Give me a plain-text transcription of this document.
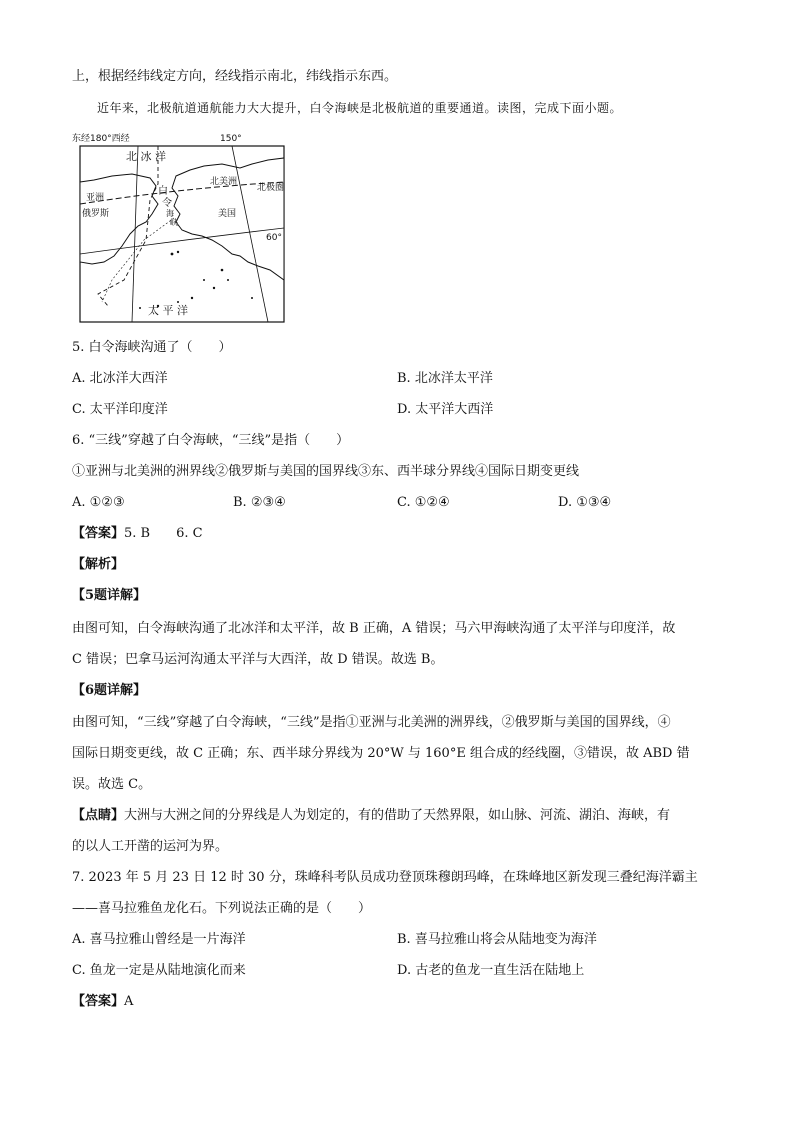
上，根据经纬线定方向，经线指示南北，纬线指示东西。
近年来，北极航道通航能力大大提升，白令海峡是北极航道的重要通道。读图，完成下面小题。
东经180°西经	150°
北 冰 洋
北美洲
北极圈
亚洲
俄罗斯	美国
白
令
海
峡
60°
太 平 洋
5. 白令海峡沟通了（　　）
A. 北冰洋大西洋	B. 北冰洋太平洋
C. 太平洋印度洋	D. 太平洋大西洋
6. “三线”穿越了白令海峡，“三线”是指（　　）
①亚洲与北美洲的洲界线②俄罗斯与美国的国界线③东、西半球分界线④国际日期变更线
A. ①②③	B. ②③④	C. ①②④	D. ①③④
【答案】5. B　　6. C
【解析】
【5题详解】
由图可知，白令海峡沟通了北冰洋和太平洋，故 B 正确，A 错误；马六甲海峡沟通了太平洋与印度洋，故
C 错误；巴拿马运河沟通太平洋与大西洋，故 D 错误。故选 B。
【6题详解】
由图可知，“三线”穿越了白令海峡，“三线”是指①亚洲与北美洲的洲界线，②俄罗斯与美国的国界线，④
国际日期变更线，故 C 正确；东、西半球分界线为 20°W 与 160°E 组合成的经线圈，③错误，故 ABD 错
误。故选 C。
【点睛】大洲与大洲之间的分界线是人为划定的，有的借助了天然界限，如山脉、河流、湖泊、海峡，有
的以人工开凿的运河为界。
7. 2023 年 5 月 23 日 12 时 30 分，珠峰科考队员成功登顶珠穆朗玛峰，在珠峰地区新发现三叠纪海洋霸主
——喜马拉雅鱼龙化石。下列说法正确的是（　　）
A. 喜马拉雅山曾经是一片海洋	B. 喜马拉雅山将会从陆地变为海洋
C. 鱼龙一定是从陆地演化而来	D. 古老的鱼龙一直生活在陆地上
【答案】A
